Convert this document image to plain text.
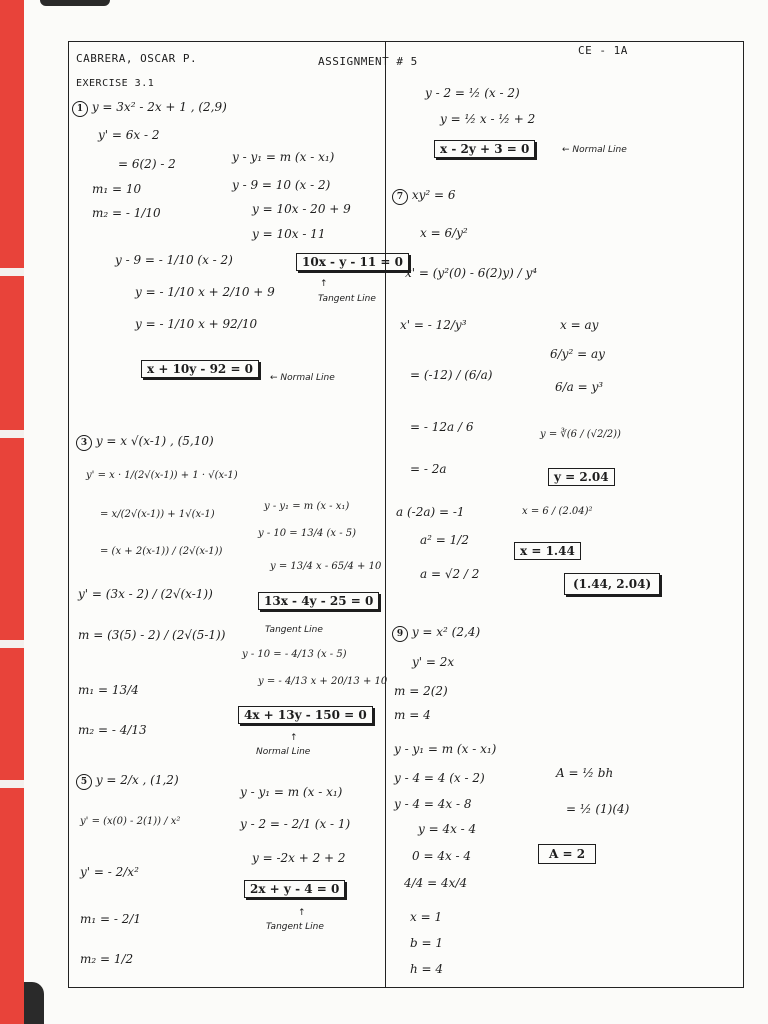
CABRERA, OSCAR P.	ASSIGNMENT # 5
CE - 1A
EXERCISE 3.1
1 y = 3x² - 2x + 1 , (2,9)
y' = 6x - 2
= 6(2) - 2
m₁ = 10
m₂ = - 1/10
y - y₁ = m (x - x₁)
y - 9 = 10 (x - 2)
y = 10x - 20 + 9
y = 10x - 11
y - 9 = - 1/10 (x - 2)
y = - 1/10 x + 2/10 + 9
y = - 1/10 x + 92/10
10x - y - 11 = 0
↑
Tangent Line
x + 10y - 92 = 0
← Normal Line
y - 2 = ½ (x - 2)
y = ½ x - ½ + 2
x - 2y + 3 = 0	← Normal Line
3 y = x √(x-1) , (5,10)
y' = x · 1/(2√(x-1)) + 1 · √(x-1)
= x/(2√(x-1)) + 1√(x-1)
= (x + 2(x-1)) / (2√(x-1))
y' = (3x - 2) / (2√(x-1))
m = (3(5) - 2) / (2√(5-1))
m₁ = 13/4
m₂ = - 4/13
y - y₁ = m (x - x₁)
y - 10 = 13/4 (x - 5)
y = 13/4 x - 65/4 + 10
13x - 4y - 25 = 0
Tangent Line
y - 10 = - 4/13 (x - 5)
y = - 4/13 x + 20/13 + 10
4x + 13y - 150 = 0
↑
Normal Line
5 y = 2/x , (1,2)
y' = (x(0) - 2(1)) / x²
y' = - 2/x²
m₁ = - 2/1
m₂ = 1/2
y - y₁ = m (x - x₁)
y - 2 = - 2/1 (x - 1)
y = -2x + 2 + 2
2x + y - 4 = 0
↑
Tangent Line
7 xy² = 6
x = 6/y²
x' = (y²(0) - 6(2)y) / y⁴
x' = - 12/y³
= (-12) / (6/a)
= - 12a / 6
= - 2a
a (-2a) = -1
a² = 1/2
a = √2 / 2
x = ay
6/y² = ay
6/a = y³
y = ∛(6 / (√2/2))
x = 6 / (2.04)²
y = 2.04
x = 1.44
(1.44, 2.04)
9 y = x² (2,4)
y' = 2x
m = 2(2)
m = 4
y - y₁ = m (x - x₁)
y - 4 = 4 (x - 2)
y - 4 = 4x - 8
y = 4x - 4
0 = 4x - 4
4/4 = 4x/4
x = 1
b = 1
h = 4
A = ½ bh
= ½ (1)(4)
A = 2
